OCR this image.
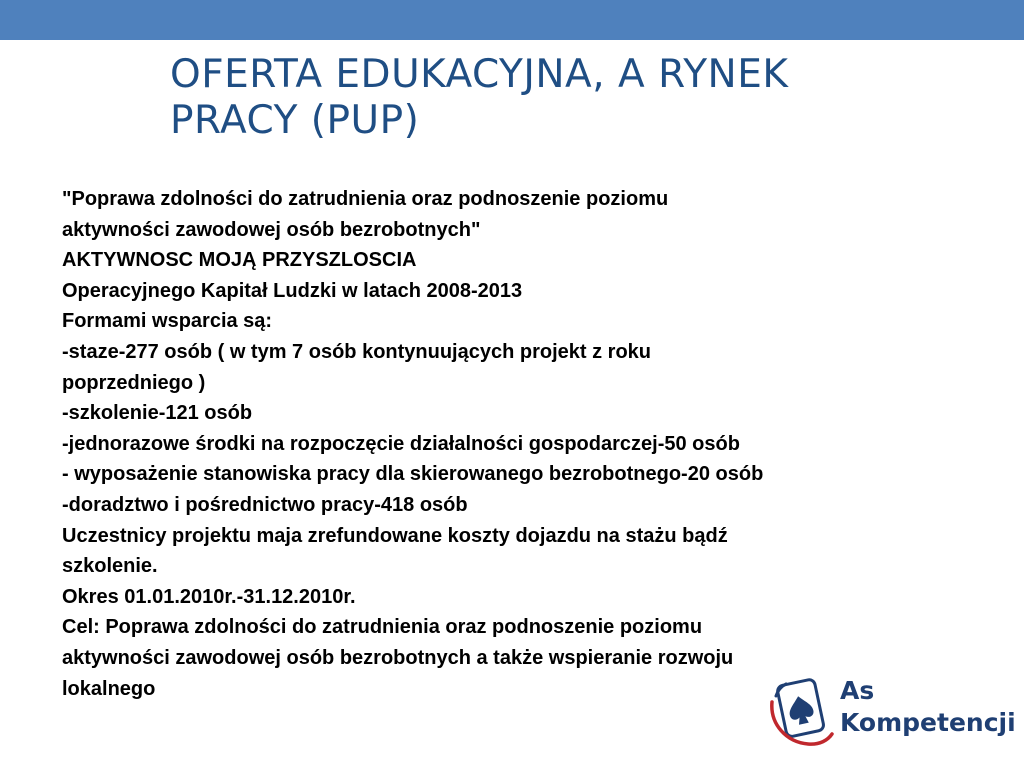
OFERTA EDUKACYJNA, A RYNEK
PRACY (PUP)
"Poprawa zdolności do zatrudnienia oraz podnoszenie poziomu
aktywności zawodowej osób bezrobotnych"
AKTYWNOSC MOJĄ PRZYSZLOSCIA
Operacyjnego Kapitał Ludzki w latach 2008-2013
Formami wsparcia są:
-staze-277 osób ( w tym 7 osób kontynuujących projekt z roku
poprzedniego )
-szkolenie-121 osób
-jednorazowe środki na rozpoczęcie działalności gospodarczej-50 osób
- wyposażenie stanowiska pracy dla skierowanego bezrobotnego-20 osób
-doradztwo i pośrednictwo pracy-418 osób
Uczestnicy projektu maja zrefundowane koszty dojazdu na stażu bądź
szkolenie.
Okres 01.01.2010r.-31.12.2010r.
Cel: Poprawa zdolności do zatrudnienia oraz podnoszenie poziomu
aktywności zawodowej osób bezrobotnych a także wspieranie rozwoju
lokalnego	As
Kompetencji
